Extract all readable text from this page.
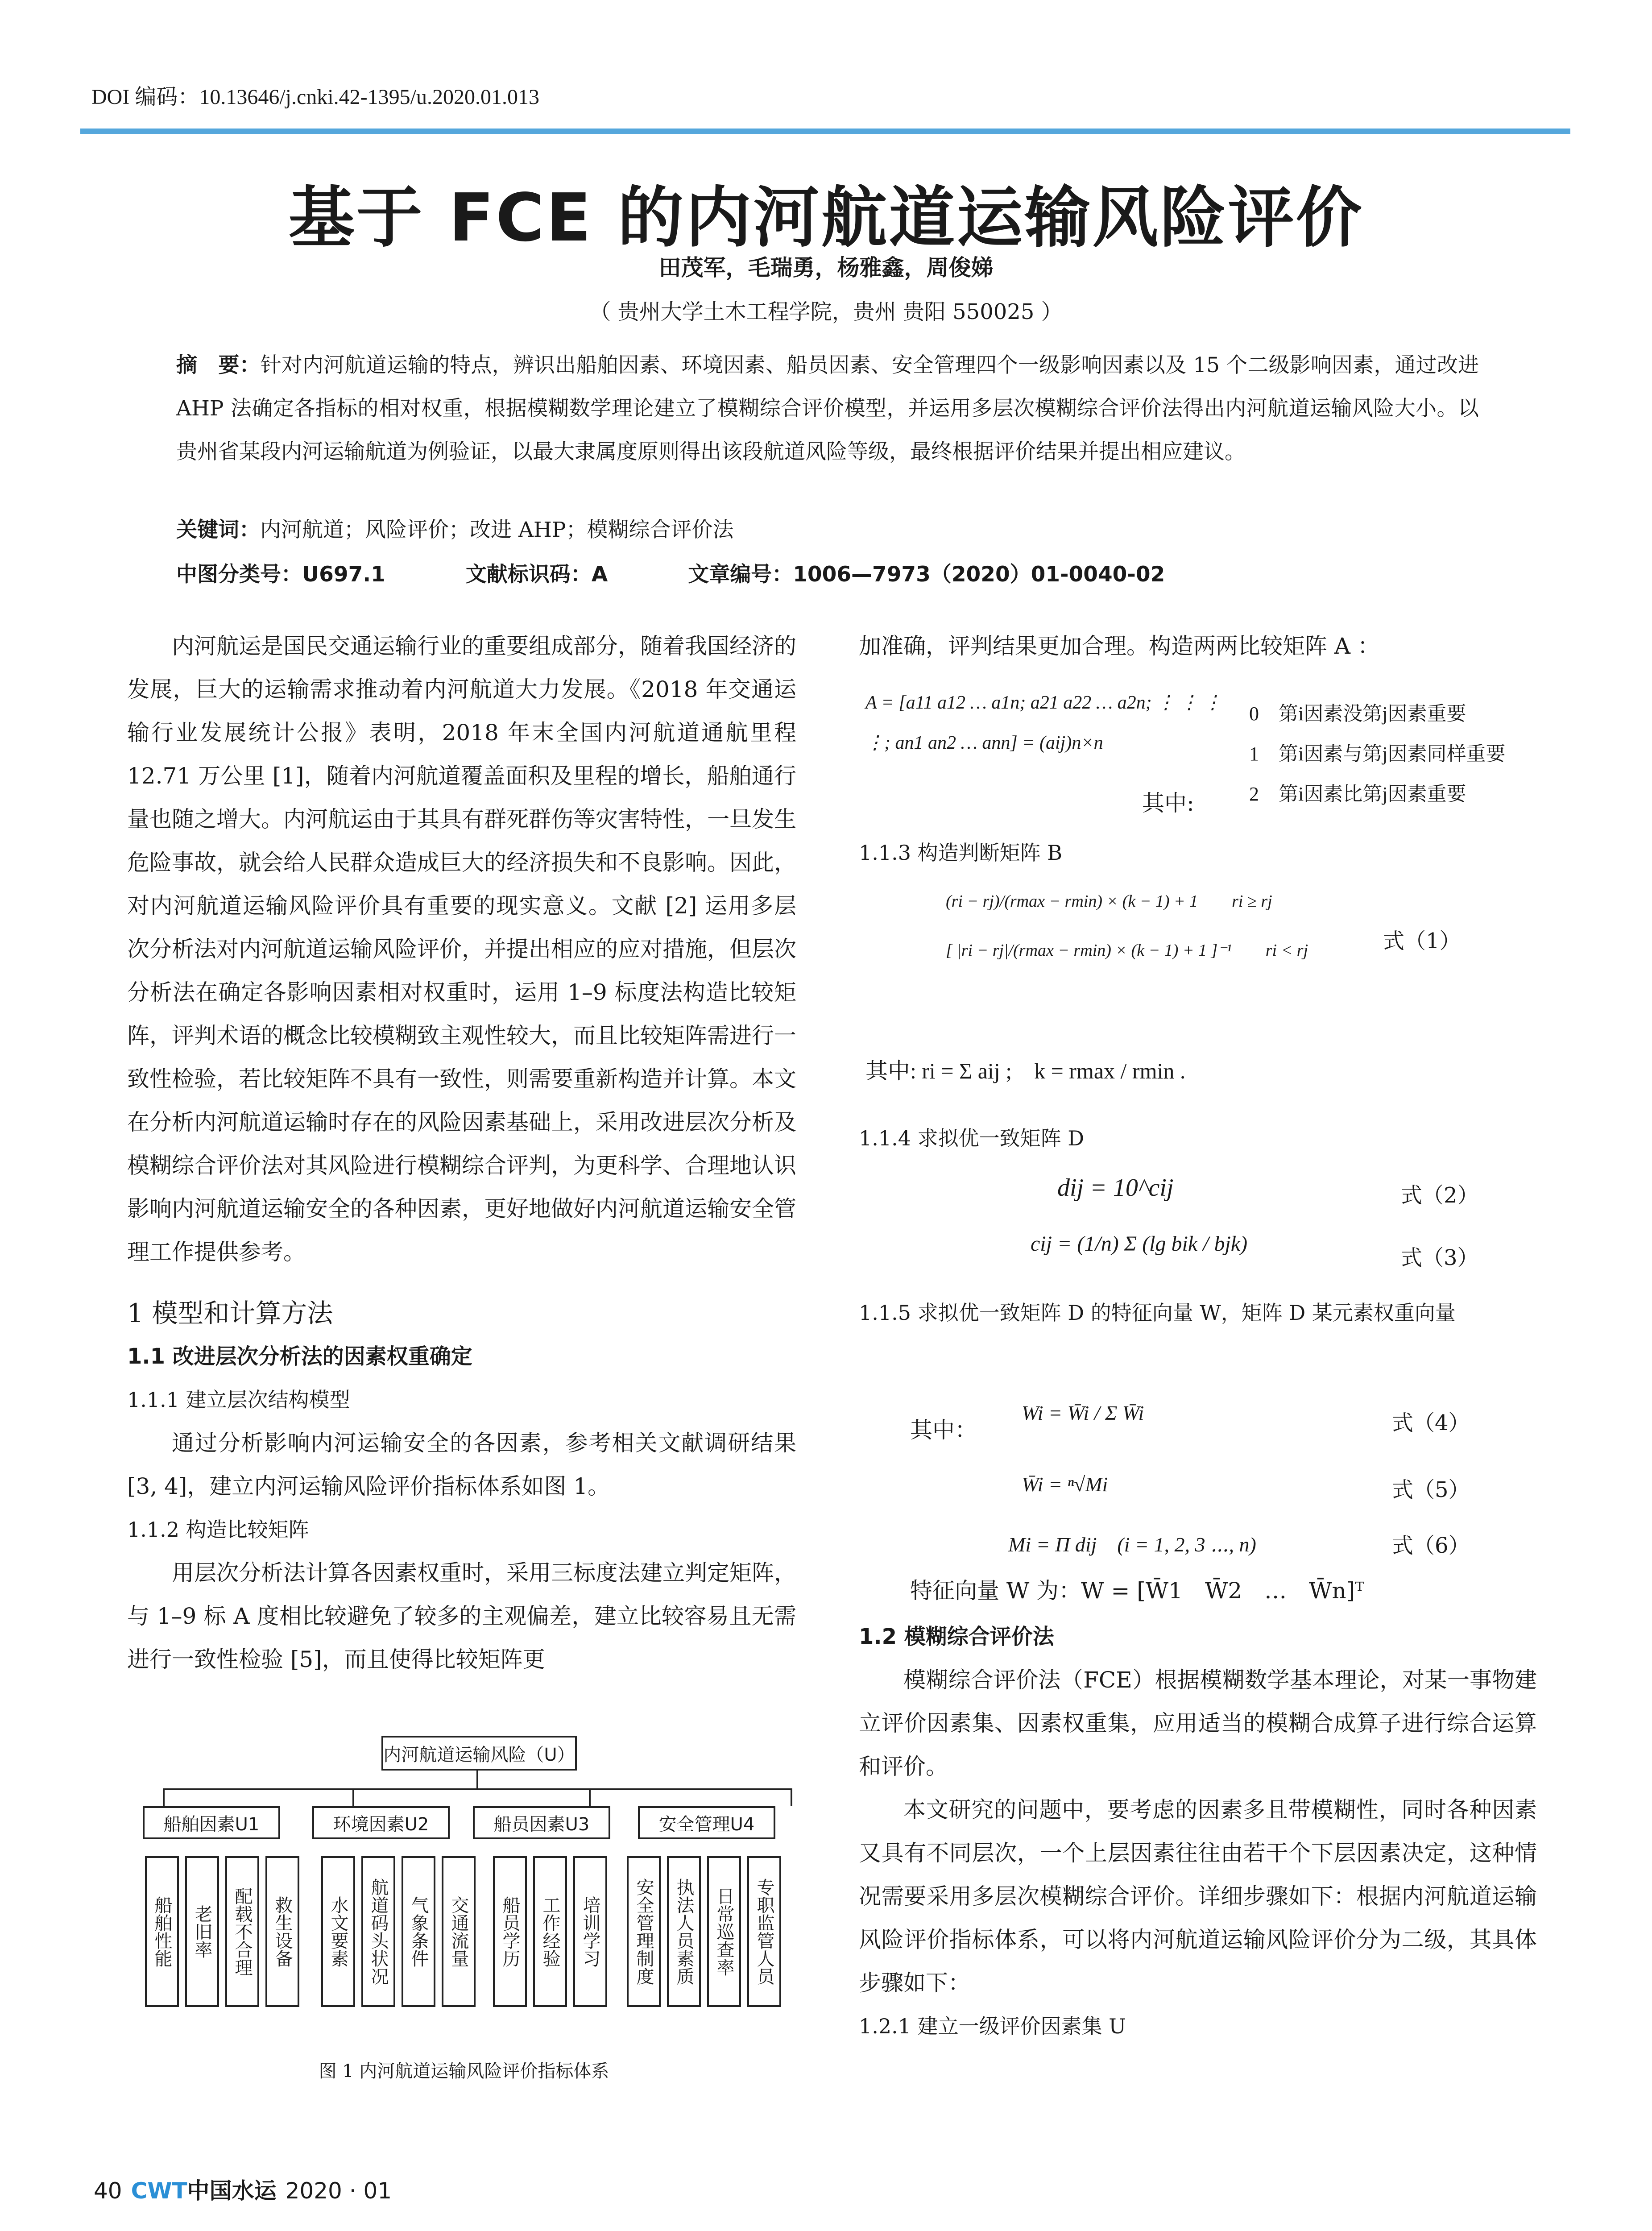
DOI 编码：10.13646/j.cnki.42-1395/u.2020.01.013
基于 FCE 的内河航道运输风险评价
田茂军，毛瑞勇，杨雅鑫，周俊娣
（ 贵州大学土木工程学院，贵州 贵阳 550025 ）
摘　要：针对内河航道运输的特点，辨识出船舶因素、环境因素、船员因素、安全管理四个一级影响因素以及 15 个二级影响因素，通过改进 AHP 法确定各指标的相对权重，根据模糊数学理论建立了模糊综合评价模型，并运用多层次模糊综合评价法得出内河航道运输风险大小。以贵州省某段内河运输航道为例验证，以最大隶属度原则得出该段航道风险等级，最终根据评价结果并提出相应建议。
关键词：内河航道；风险评价；改进 AHP；模糊综合评价法
中图分类号：U697.1	文献标识码：A	文章编号：1006—7973（2020）01-0040-02

内河航运是国民交通运输行业的重要组成部分，随着我国经济的发展，巨大的运输需求推动着内河航道大力发展。《2018 年交通运输行业发展统计公报》表明，2018 年末全国内河航道通航里程 12.71 万公里 [1]，随着内河航道覆盖面积及里程的增长，船舶通行量也随之增大。内河航运由于其具有群死群伤等灾害特性，一旦发生危险事故，就会给人民群众造成巨大的经济损失和不良影响。因此，对内河航道运输风险评价具有重要的现实意义。文献 [2] 运用多层次分析法对内河航道运输风险评价，并提出相应的应对措施，但层次分析法在确定各影响因素相对权重时，运用 1–9 标度法构造比较矩阵，评判术语的概念比较模糊致主观性较大，而且比较矩阵需进行一致性检验，若比较矩阵不具有一致性，则需要重新构造并计算。本文在分析内河航道运输时存在的风险因素基础上，采用改进层次分析及模糊综合评价法对其风险进行模糊综合评判，为更科学、合理地认识影响内河航道运输安全的各种因素，更好地做好内河航道运输安全管理工作提供参考。

1 模型和计算方法
1.1 改进层次分析法的因素权重确定
1.1.1 建立层次结构模型

通过分析影响内河运输安全的各因素，参考相关文献调研结果 [3, 4]，建立内河运输风险评价指标体系如图 1。

1.1.2 构造比较矩阵

用层次分析法计算各因素权重时，采用三标度法建立判定矩阵，与 1–9 标 A 度相比较避免了较多的主观偏差，建立比较容易且无需进行一致性检验 [5]，而且使得比较矩阵更

内河航道运输风险（U）
船舶因素U1	环境因素U2	船员因素U3	安全管理U4
船舶性能	老旧率	配载不合理	救生设备	水文要素	航道码头状况	气象条件	交通流量	船员学历	工作经验	培训学习	安全管理制度	执法人员素质	日常巡查率	专职监管人员
图 1 内河航道运输风险评价指标体系
加准确，评判结果更加合理。构造两两比较矩阵 A ：
A = [a11 a12 … a1n; a21 a22 … a2n; ⋮ ⋮ ⋮ ⋮; an1 an2 … ann] = (aij)n×n
其中:
0　第i因素没第j因素重要
1　第i因素与第j因素同样重要
2　第i因素比第j因素重要
1.1.3 构造判断矩阵 B
(ri − rj)/(rmax − rmin) × (k − 1) + 1　　ri ≥ rj
[ |ri − rj|/(rmax − rmin) × (k − 1) + 1 ]⁻¹　　ri < rj	式（1）
其中: ri = Σ aij ;　k = rmax / rmin .
1.1.4 求拟优一致矩阵 D
dij = 10^cij	式（2）
cij = (1/n) Σ (lg bik / bjk)
式（3）
1.1.5 求拟优一致矩阵 D 的特征向量 W，矩阵 D 某元素权重向量
其中：
Wi = W̄i / Σ W̄i	式（4）
W̄i = ⁿ√Mi	式（5）
Mi = Π dij　(i = 1, 2, 3 ⋯, n)	式（6）
特征向量 W 为：W = [W̄1　W̄2　…　W̄n]ᵀ
1.2 模糊综合评价法

模糊综合评价法（FCE）根据模糊数学基本理论，对某一事物建立评价因素集、因素权重集，应用适当的模糊合成算子进行综合运算和评价。

本文研究的问题中，要考虑的因素多且带模糊性，同时各种因素又具有不同层次，一个上层因素往往由若干个下层因素决定，这种情况需要采用多层次模糊综合评价。详细步骤如下：根据内河航道运输风险评价指标体系，可以将内河航道运输风险评价分为二级，其具体步骤如下：

1.2.1 建立一级评价因素集 U
40 CWT中国水运 2020 · 01
